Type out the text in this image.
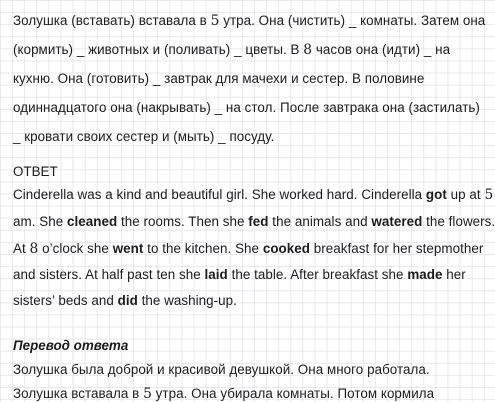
Золушка (вставать) вставала в 5 утра. Она (чистить) _ комнаты. Затем она
(кормить) _ животных и (поливать) _ цветы. В 8 часов она (идти) _ на
кухню. Она (готовить) _ завтрак для мачехи и сестер. В половине
одиннадцатого она (накрывать) _ на стол. После завтрака она (застилать)
_ кровати своих сестер и (мыть) _ посуду.
ОТВЕТ
Cinderella was a kind and beautiful girl. She worked hard. Cinderella got up at 5
am. She cleaned the rooms. Then she fed the animals and watered the flowers.
At 8 o’clock she went to the kitchen. She cooked breakfast for her stepmother
and sisters. At half past ten she laid the table. After breakfast she made her
sisters’ beds and did the washing-up.
Перевод ответа
Золушка была доброй и красивой девушкой. Она много работала.
Золушка вставала в 5 утра. Она убирала комнаты. Потом кормила
